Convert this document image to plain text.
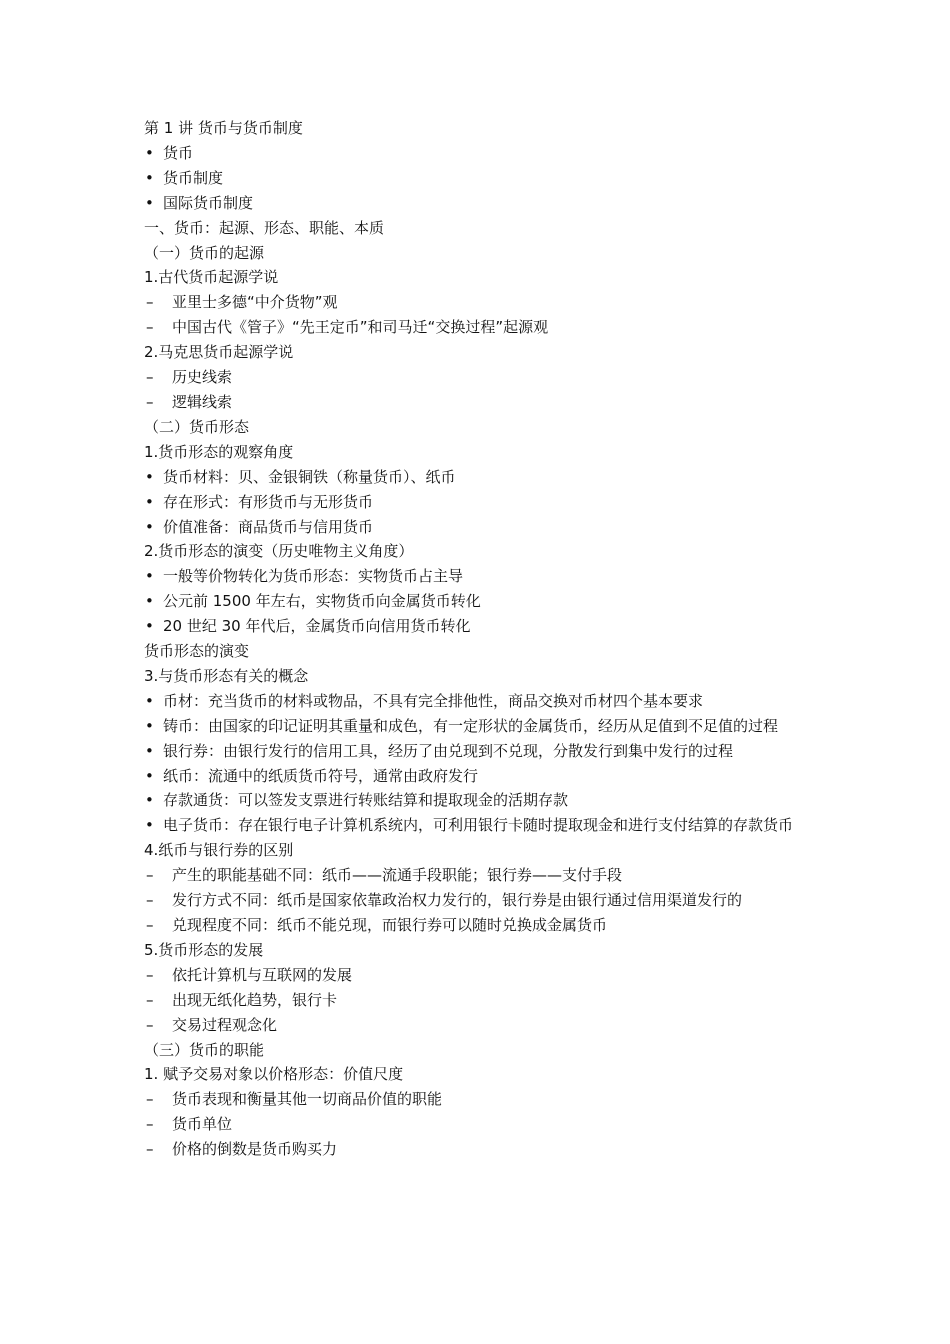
第 1 讲 货币与货币制度
• 货币
• 货币制度
• 国际货币制度
一、货币：起源、形态、职能、本质
（一）货币的起源
1.古代货币起源学说
– 亚里士多德“中介货物”观
– 中国古代《管子》“先王定币”和司马迁“交换过程”起源观
2.马克思货币起源学说
– 历史线索
– 逻辑线索
（二）货币形态
1.货币形态的观察角度
• 货币材料：贝、金银铜铁（称量货币）、纸币
• 存在形式：有形货币与无形货币
• 价值准备：商品货币与信用货币
2.货币形态的演变（历史唯物主义角度）
• 一般等价物转化为货币形态：实物货币占主导
• 公元前 1500 年左右，实物货币向金属货币转化
• 20 世纪 30 年代后，金属货币向信用货币转化
货币形态的演变
3.与货币形态有关的概念
• 币材：充当货币的材料或物品，不具有完全排他性，商品交换对币材四个基本要求
• 铸币：由国家的印记证明其重量和成色，有一定形状的金属货币，经历从足值到不足值的过程
• 银行券：由银行发行的信用工具，经历了由兑现到不兑现，分散发行到集中发行的过程
• 纸币：流通中的纸质货币符号，通常由政府发行
• 存款通货：可以签发支票进行转账结算和提取现金的活期存款
• 电子货币：存在银行电子计算机系统内，可利用银行卡随时提取现金和进行支付结算的存款货币
4.纸币与银行券的区别
– 产生的职能基础不同：纸币——流通手段职能；银行券——支付手段
– 发行方式不同：纸币是国家依靠政治权力发行的，银行券是由银行通过信用渠道发行的
– 兑现程度不同：纸币不能兑现，而银行券可以随时兑换成金属货币
5.货币形态的发展
– 依托计算机与互联网的发展
– 出现无纸化趋势，银行卡
– 交易过程观念化
（三）货币的职能
1. 赋予交易对象以价格形态：价值尺度
– 货币表现和衡量其他一切商品价值的职能
– 货币单位
– 价格的倒数是货币购买力
